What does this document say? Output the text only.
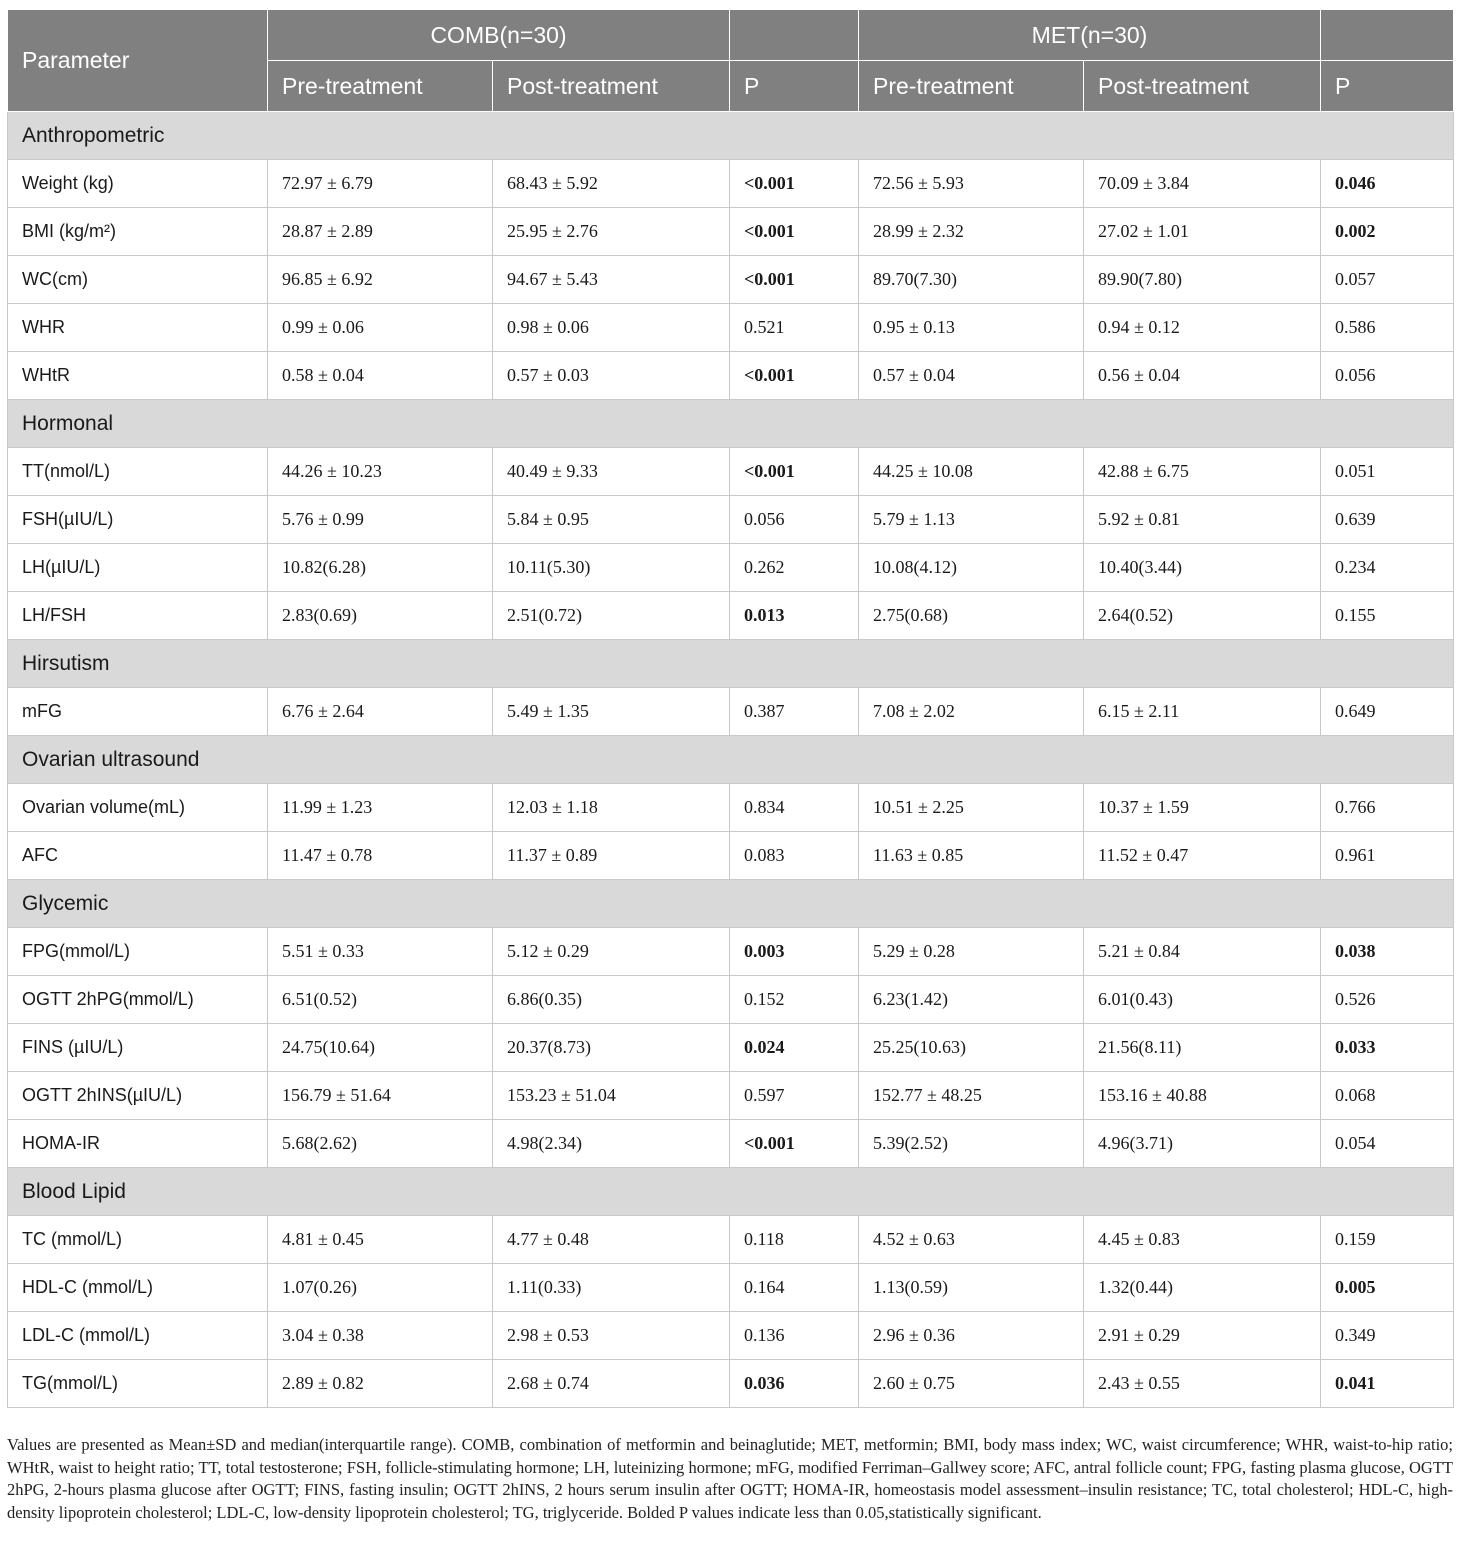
Parameter	COMB(n=30)			MET(n=30)		
	Pre-treatment	Post-treatment	P	Pre-treatment	Post-treatment	P
Anthropometric						
Weight (kg)	72.97 ± 6.79	68.43 ± 5.92	<0.001	72.56 ± 5.93	70.09 ± 3.84	0.046
BMI (kg/m²)	28.87 ± 2.89	25.95 ± 2.76	<0.001	28.99 ± 2.32	27.02 ± 1.01	0.002
WC(cm)	96.85 ± 6.92	94.67 ± 5.43	<0.001	89.70(7.30)	89.90(7.80)	0.057
WHR	0.99 ± 0.06	0.98 ± 0.06	0.521	0.95 ± 0.13	0.94 ± 0.12	0.586
WHtR	0.58 ± 0.04	0.57 ± 0.03	<0.001	0.57 ± 0.04	0.56 ± 0.04	0.056
Hormonal						
TT(nmol/L)	44.26 ± 10.23	40.49 ± 9.33	<0.001	44.25 ± 10.08	42.88 ± 6.75	0.051
FSH(µIU/L)	5.76 ± 0.99	5.84 ± 0.95	0.056	5.79 ± 1.13	5.92 ± 0.81	0.639
LH(µIU/L)	10.82(6.28)	10.11(5.30)	0.262	10.08(4.12)	10.40(3.44)	0.234
LH/FSH	2.83(0.69)	2.51(0.72)	0.013	2.75(0.68)	2.64(0.52)	0.155
Hirsutism						
mFG	6.76 ± 2.64	5.49 ± 1.35	0.387	7.08 ± 2.02	6.15 ± 2.11	0.649
Ovarian ultrasound						
Ovarian volume(mL)	11.99 ± 1.23	12.03 ± 1.18	0.834	10.51 ± 2.25	10.37 ± 1.59	0.766
AFC	11.47 ± 0.78	11.37 ± 0.89	0.083	11.63 ± 0.85	11.52 ± 0.47	0.961
Glycemic						
FPG(mmol/L)	5.51 ± 0.33	5.12 ± 0.29	0.003	5.29 ± 0.28	5.21 ± 0.84	0.038
OGTT 2hPG(mmol/L)	6.51(0.52)	6.86(0.35)	0.152	6.23(1.42)	6.01(0.43)	0.526
FINS (µIU/L)	24.75(10.64)	20.37(8.73)	0.024	25.25(10.63)	21.56(8.11)	0.033
OGTT 2hINS(µIU/L)	156.79 ± 51.64	153.23 ± 51.04	0.597	152.77 ± 48.25	153.16 ± 40.88	0.068
HOMA-IR	5.68(2.62)	4.98(2.34)	<0.001	5.39(2.52)	4.96(3.71)	0.054
Blood Lipid						
TC (mmol/L)	4.81 ± 0.45	4.77 ± 0.48	0.118	4.52 ± 0.63	4.45 ± 0.83	0.159
HDL-C (mmol/L)	1.07(0.26)	1.11(0.33)	0.164	1.13(0.59)	1.32(0.44)	0.005
LDL-C (mmol/L)	3.04 ± 0.38	2.98 ± 0.53	0.136	2.96 ± 0.36	2.91 ± 0.29	0.349
TG(mmol/L)	2.89 ± 0.82	2.68 ± 0.74	0.036	2.60 ± 0.75	2.43 ± 0.55	0.041
Values are presented as Mean±SD and median(interquartile range). COMB, combination of metformin and beinaglutide; MET, metformin; BMI, body mass index; WC, waist circumference; WHR, waist-to-hip ratio; WHtR, waist to height ratio; TT, total testosterone; FSH, follicle-stimulating hormone; LH, luteinizing hormone; mFG, modified Ferriman–Gallwey score; AFC, antral follicle count; FPG, fasting plasma glucose, OGTT 2hPG, 2-hours plasma glucose after OGTT; FINS, fasting insulin; OGTT 2hINS, 2 hours serum insulin after OGTT; HOMA-IR, homeostasis model assessment–insulin resistance; TC, total cholesterol; HDL-C, high-density lipoprotein cholesterol; LDL-C, low-density lipoprotein cholesterol; TG, triglyceride. Bolded P values indicate less than 0.05,statistically significant.
